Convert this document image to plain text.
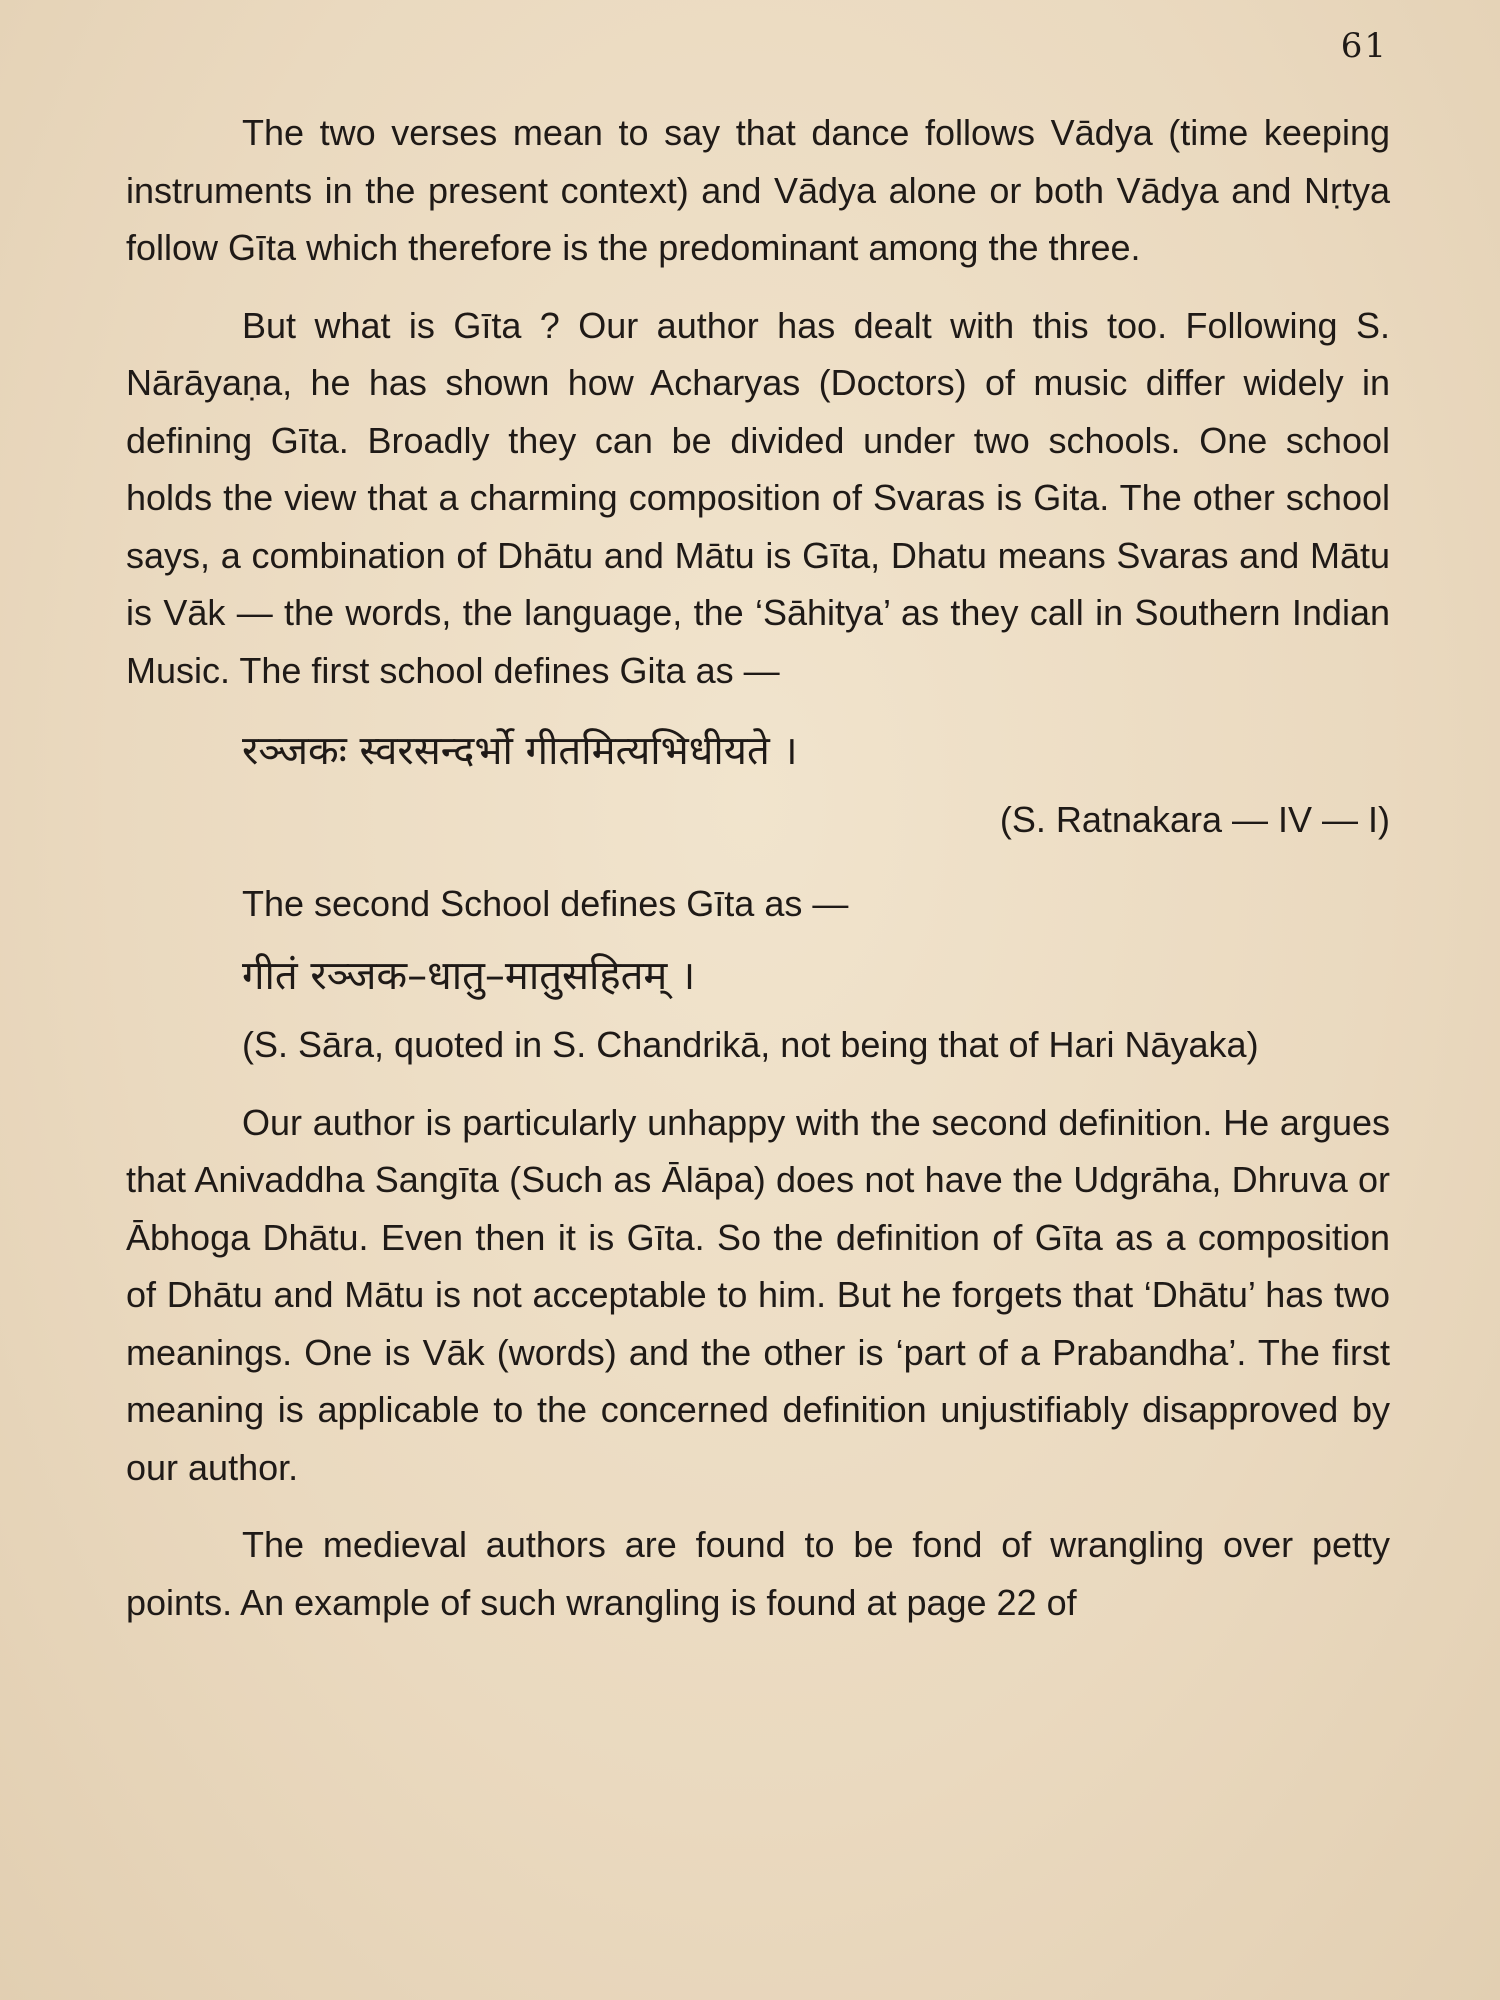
61

The two verses mean to say that dance follows Vādya (time keeping instruments in the present context) and Vādya alone or both Vādya and Nṛtya follow Gīta which therefore is the predominant among the three.

But what is Gīta ? Our author has dealt with this too. Following S. Nārāyaṇa, he has shown how Acharyas (Doctors) of music differ widely in defining Gīta. Broadly they can be divided under two schools. One school holds the view that a charming composition of Svaras is Gita. The other school says, a combination of Dhātu and Mātu is Gīta, Dhatu means Svaras and Mātu is Vāk — the words, the language, the ‘Sāhitya’ as they call in Southern Indian Music. The first school defines Gita as —

रञ्जकः स्वरसन्दर्भो गीतमित्यभिधीयते ।
(S. Ratnakara — IV — I)
The second School defines Gīta as —
गीतं रञ्जक–धातु–मातुसहितम् ।

(S. Sāra, quoted in S. Chandrikā, not being that of Hari Nāyaka)

Our author is particularly unhappy with the second definition. He argues that Anivaddha Sangīta (Such as Ālāpa) does not have the Udgrāha, Dhruva or Ābhoga Dhātu. Even then it is Gīta. So the definition of Gīta as a composition of Dhātu and Mātu is not acceptable to him. But he forgets that ‘Dhātu’ has two meanings. One is Vāk (words) and the other is ‘part of a Prabandha’. The first meaning is applicable to the concerned definition unjustifiably disapproved by our author.

The medieval authors are found to be fond of wrangling over petty points. An example of such wrangling is found at page 22 of
